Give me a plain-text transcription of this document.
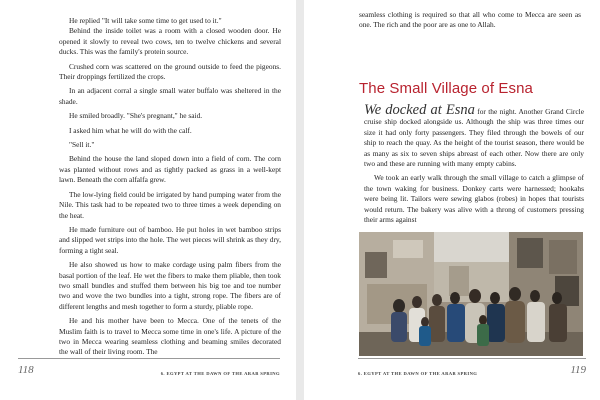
He replied "It will take some time to get used to it."

Behind the inside toilet was a room with a closed wooden door. He opened it slowly to reveal two cows, ten to twelve chickens and several ducks. This was the family's protein source.

Crushed corn was scattered on the ground outside to feed the pigeons. Their droppings fertilized the crops.

In an adjacent corral a single small water buffalo was sheltered in the shade.

He smiled broadly. "She's pregnant," he said.

I asked him what he will do with the calf.

"Sell it."

Behind the house the land sloped down into a field of corn. The corn was planted without rows and as tightly packed as grass in a well-kept lawn. Beneath the corn alfalfa grew.

The low-lying field could be irrigated by hand pumping water from the Nile. This task had to be repeated two to three times a week depending on the heat.

He made furniture out of bamboo. He put holes in wet bamboo strips and slipped wet strips into the hole. The wet pieces will shrink as they dry, forming a tight seal.

He also showed us how to make cordage using palm fibers from the basal portion of the leaf. He wet the fibers to make them pliable, then took two small bundles and stuffed them between his big toe and toe number two and wove the two bundles into a tight, strong rope. The fibers are of different lengths and mesh together to form a sturdy, pliable rope.

He and his mother have been to Mecca. One of the tenets of the Muslim faith is to travel to Mecca some time in one's life. A picture of the two in Mecca wearing seamless clothing and beaming smiles decorated the wall of their living room. The

118	6. EGYPT AT THE DAWN OF THE ARAB SPRING

seamless clothing is required so that all who come to Mecca are seen as one. The rich and the poor are as one to Allah.

The Small Village of Esna

We docked at Esna for the night. Another Grand Circle cruise ship docked alongside us. Although the ship was three times our size it had only forty passengers. They filed through the bowels of our ship to reach the quay. As the height of the tourist season, there would be as many as six to seven ships abreast of each other. Now there are only two and these are running with many empty cabins.

We took an early walk through the small village to catch a glimpse of the town waking for business. Donkey carts were harnessed; hookahs were being lit. Tailors were sewing glabos (robes) in hopes that tourists would return. The bakery was alive with a throng of customers pressing their arms against

6. EGYPT AT THE DAWN OF THE ARAB SPRING	119
